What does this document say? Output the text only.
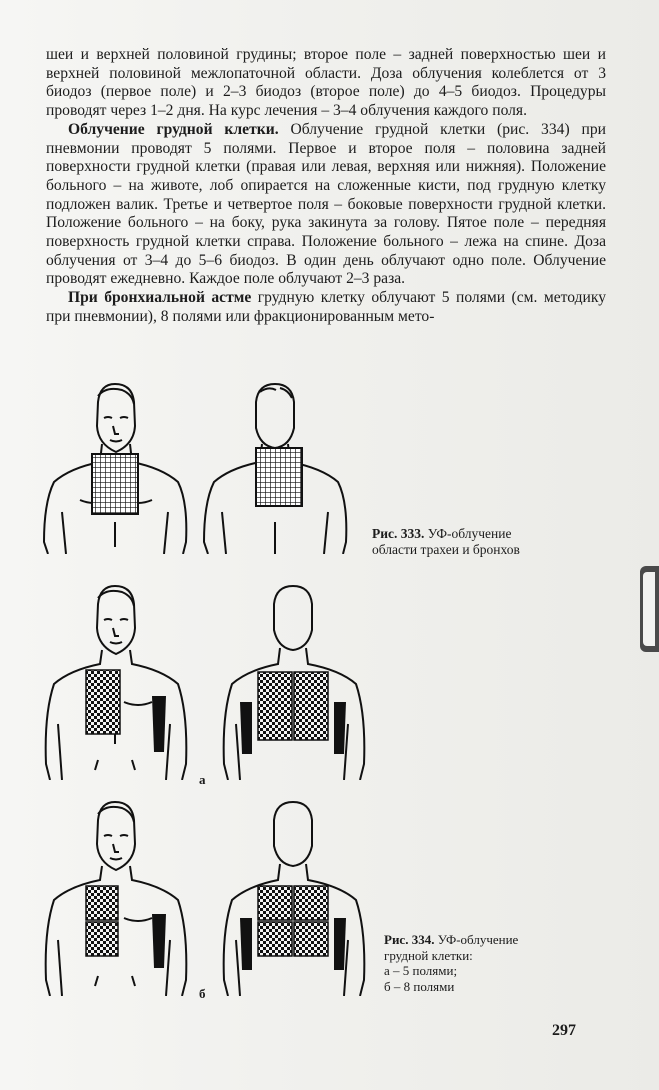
шеи и верхней половиной грудины; второе поле – задней поверхностью шеи и верхней половиной межлопаточной области. Доза облучения колеблется от 3 биодоз (первое поле) и 2–3 биодоз (второе поле) до 4–5 биодоз. Процедуры проводят через 1–2 дня. На курс лечения – 3–4 облучения каждого поля.

Облучение грудной клетки. Облучение грудной клетки (рис. 334) при пневмонии проводят 5 полями. Первое и второе поля – половина задней поверхности грудной клетки (правая или левая, верхняя или нижняя). Положение больного – на животе, лоб опирается на сложенные кисти, под грудную клетку подложен валик. Третье и четвертое поля – боковые поверхности грудной клетки. Положение больного – на боку, рука закинута за голову. Пятое поле – передняя поверхность грудной клетки справа. Положение больного – лежа на спине. Доза облучения от 3–4 до 5–6 биодоз. В один день облучают одно поле. Облучение проводят ежедневно. Каждое поле облучают 2–3 раза.

При бронхиальной астме грудную клетку облучают 5 полями (см. методику при пневмонии), 8 полями или фракционированным мето-

Рис. 333. УФ-облучение
области трахеи и бронхов
а
б
Рис. 334. УФ-облучение
грудной клетки:
а – 5 полями;
б – 8 полями
297
